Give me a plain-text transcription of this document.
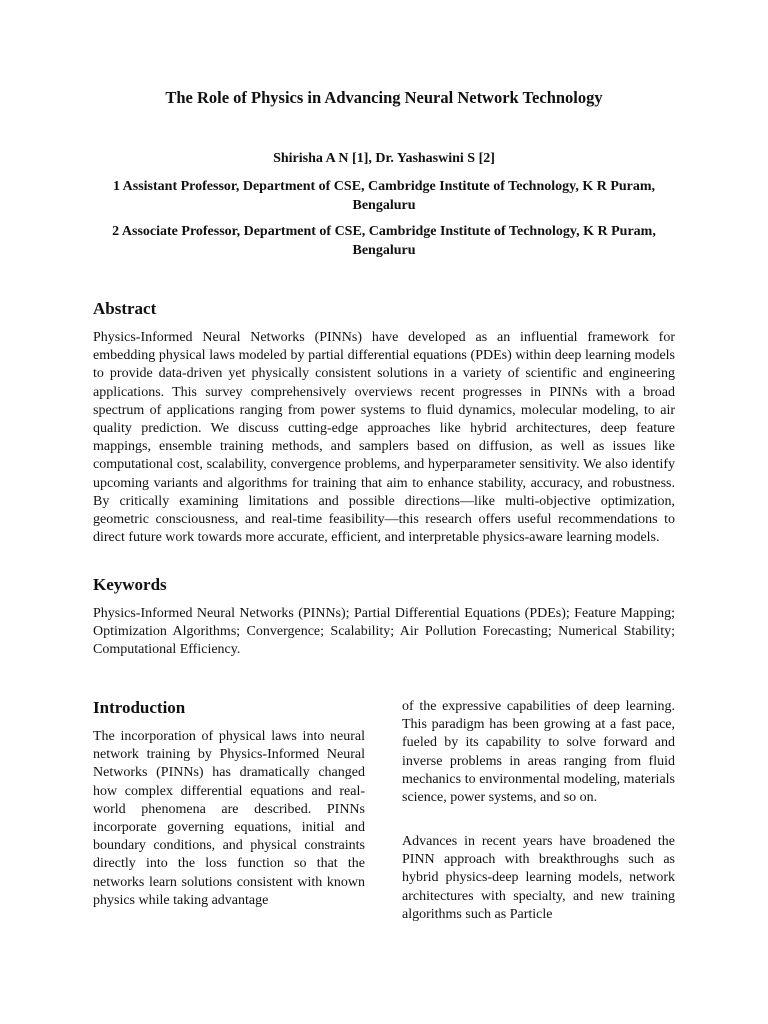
The Role of Physics in Advancing Neural Network Technology
Shirisha A N [1], Dr. Yashaswini S [2]
1 Assistant Professor, Department of CSE, Cambridge Institute of Technology, K R Puram, Bengaluru
2 Associate Professor, Department of CSE, Cambridge Institute of Technology, K R Puram, Bengaluru
Abstract

Physics-Informed Neural Networks (PINNs) have developed as an influential framework for embedding physical laws modeled by partial differential equations (PDEs) within deep learning models to provide data-driven yet physically consistent solutions in a variety of scientific and engineering applications. This survey comprehensively overviews recent progresses in PINNs with a broad spectrum of applications ranging from power systems to fluid dynamics, molecular modeling, to air quality prediction. We discuss cutting-edge approaches like hybrid architectures, deep feature mappings, ensemble training methods, and samplers based on diffusion, as well as issues like computational cost, scalability, convergence problems, and hyperparameter sensitivity. We also identify upcoming variants and algorithms for training that aim to enhance stability, accuracy, and robustness. By critically examining limitations and possible directions—like multi-objective optimization, geometric consciousness, and real-time feasibility—this research offers useful recommendations to direct future work towards more accurate, efficient, and interpretable physics-aware learning models.

Keywords

Physics-Informed Neural Networks (PINNs); Partial Differential Equations (PDEs); Feature Mapping; Optimization Algorithms; Convergence; Scalability; Air Pollution Forecasting; Numerical Stability; Computational Efficiency.

Introduction

The incorporation of physical laws into neural network training by Physics-Informed Neural Networks (PINNs) has dramatically changed how complex differential equations and real-world phenomena are described. PINNs incorporate governing equations, initial and boundary conditions, and physical constraints directly into the loss function so that the networks learn solutions consistent with known physics while taking advantage

of the expressive capabilities of deep learning. This paradigm has been growing at a fast pace, fueled by its capability to solve forward and inverse problems in areas ranging from fluid mechanics to environmental modeling, materials science, power systems, and so on.

Advances in recent years have broadened the PINN approach with breakthroughs such as hybrid physics-deep learning models, network architectures with specialty, and new training algorithms such as Particle
